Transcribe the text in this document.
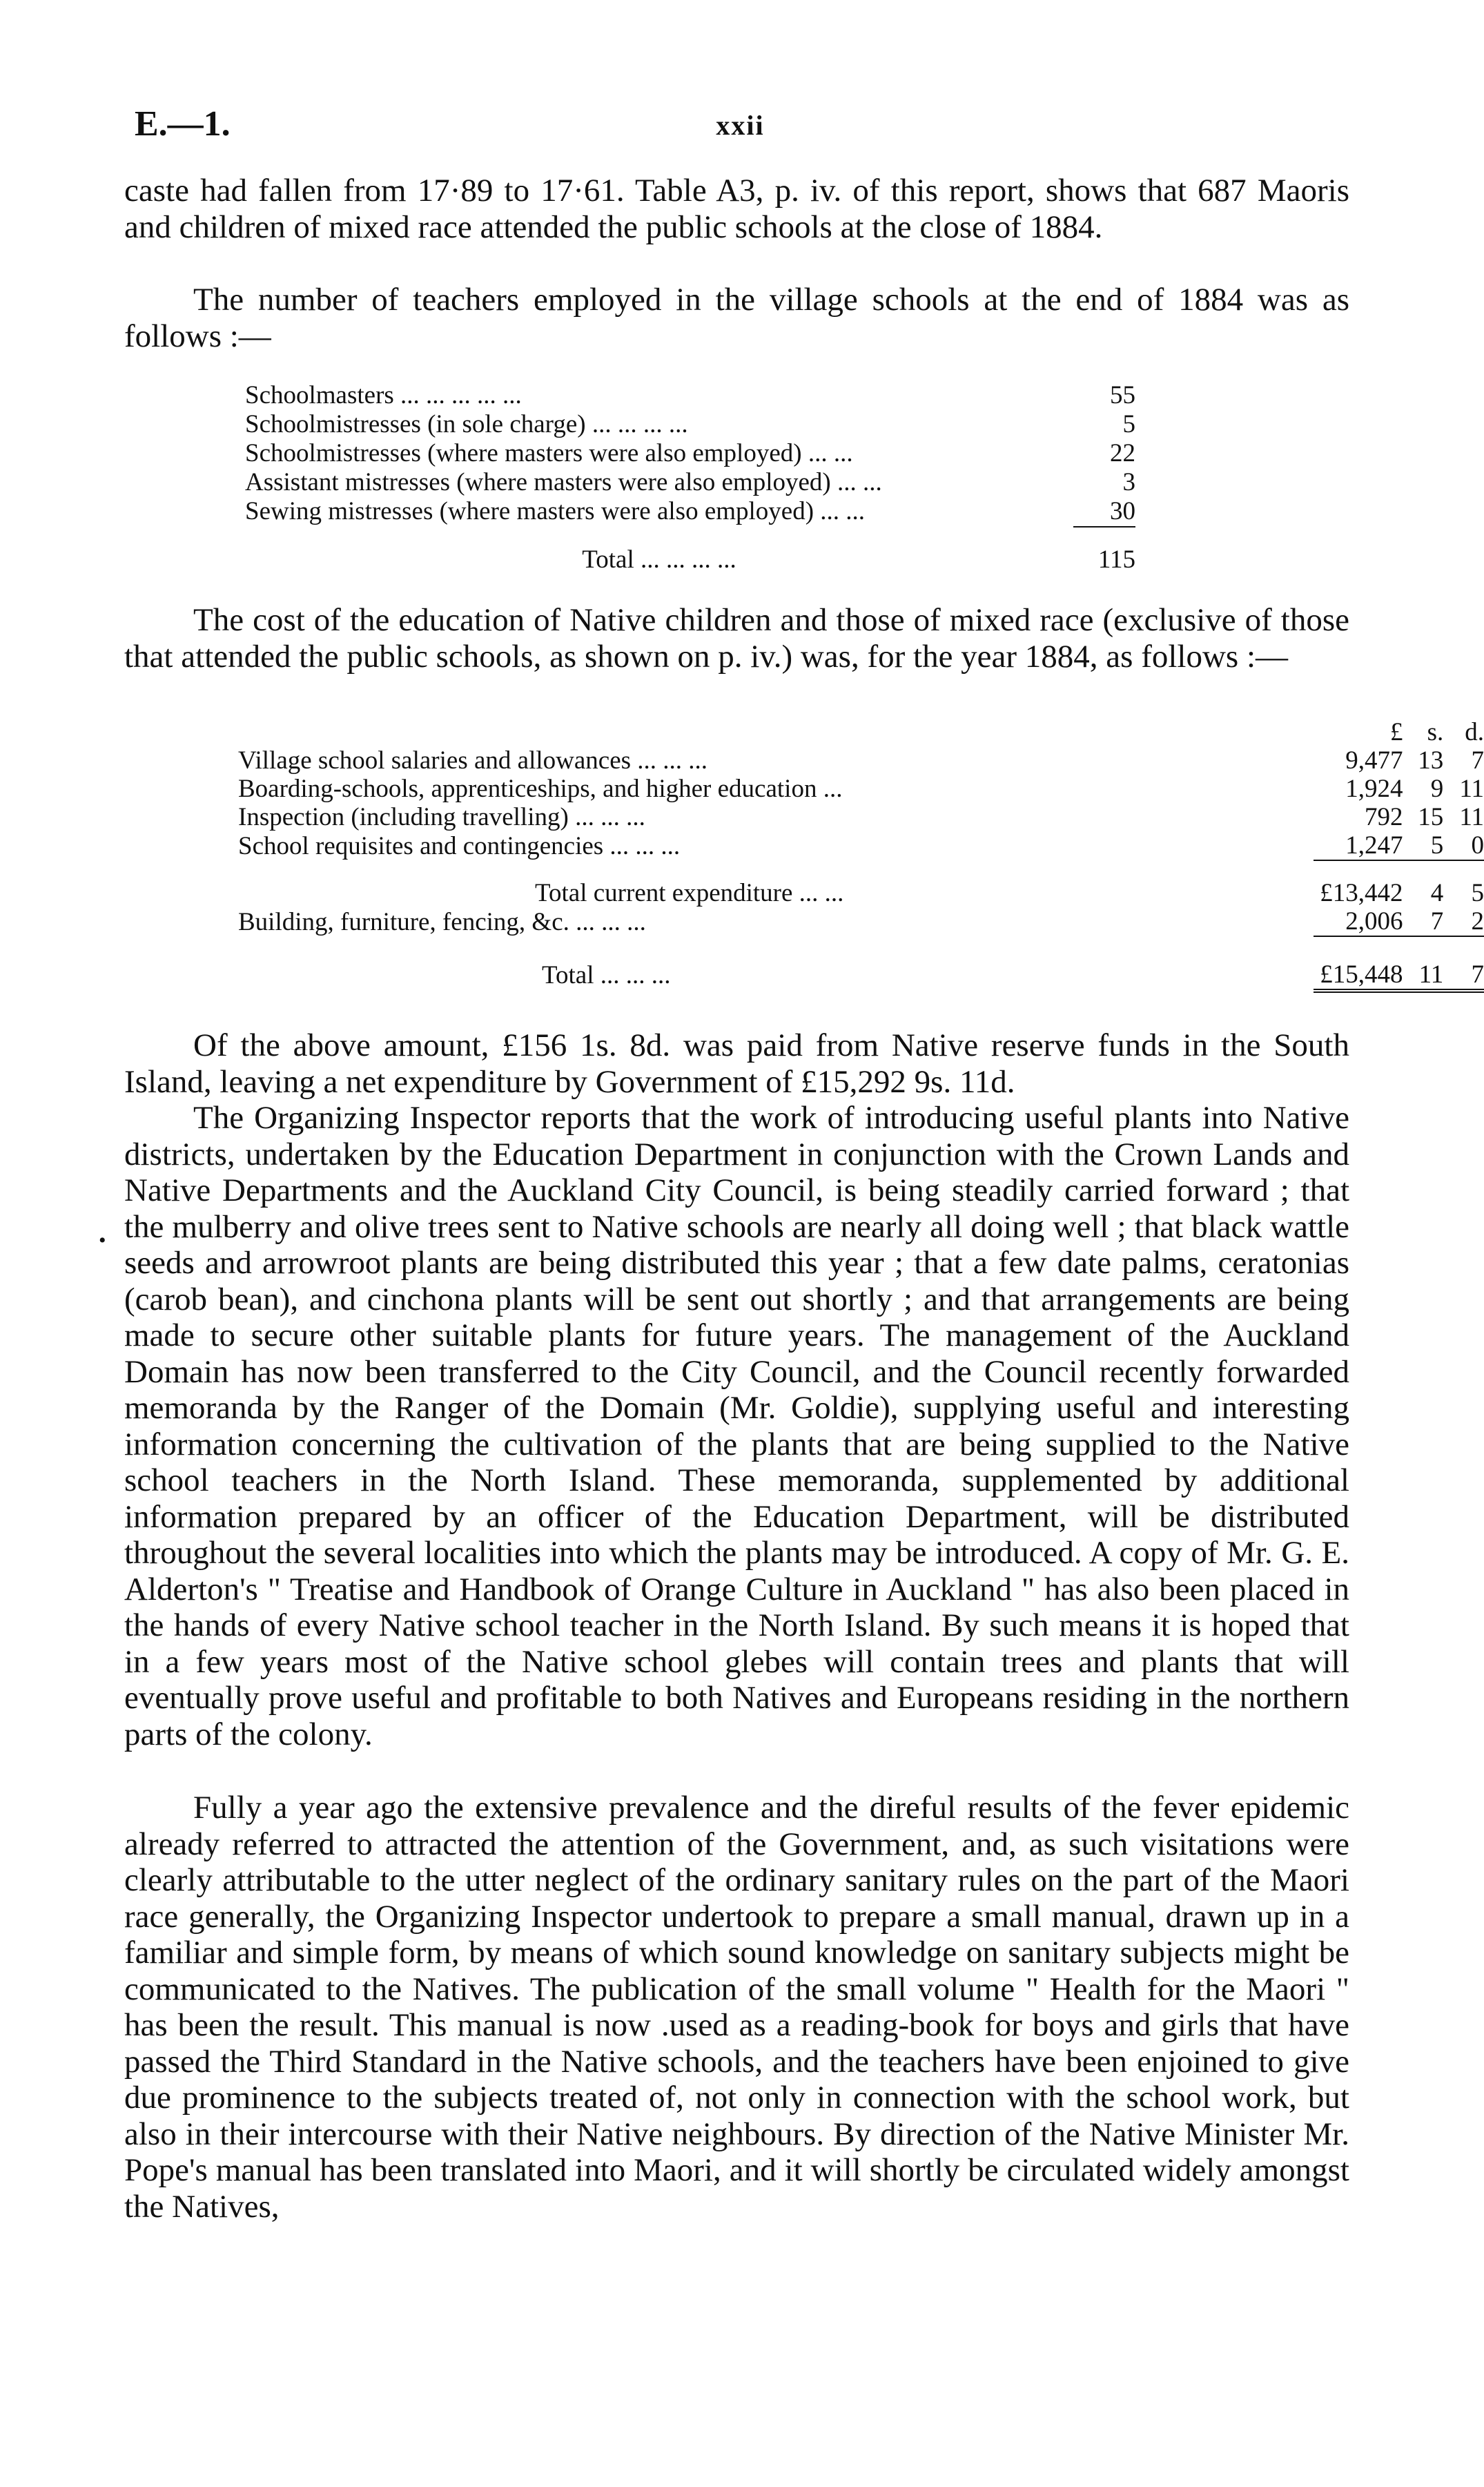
E.—1.	xxii

caste had fallen from 17·89 to 17·61. Table A3, p. iv. of this report, shows that 687 Maoris and children of mixed race attended the public schools at the close of 1884.

The number of teachers employed in the village schools at the end of 1884 was as follows :—

Schoolmasters ... ... ... ... ...	55
Schoolmistresses (in sole charge) ... ... ... ...	5
Schoolmistresses (where masters were also employed) ... ...	22
Assistant mistresses (where masters were also employed) ... ...	3
Sewing mistresses (where masters were also employed) ... ...	30
Total ... ... ... ...	115

The cost of the education of Native children and those of mixed race (exclusive of those that attended the public schools, as shown on p. iv.) was, for the year 1884, as follows :—

	£	s.	d.
Village school salaries and allowances ... ... ...	9,477	13	7
Boarding-schools, apprenticeships, and higher education ...	1,924	9	11
Inspection (including travelling) ... ... ...	792	15	11
School requisites and contingencies ... ... ...	1,247	5	0
Total current expenditure ... ...	£13,442	4	5
Building, furniture, fencing, &c. ... ... ...	2,006	7	2
Total ... ... ...	£15,448	11	7

Of the above amount, £156 1s. 8d. was paid from Native reserve funds in the South Island, leaving a net expenditure by Government of £15,292 9s. 11d.

The Organizing Inspector reports that the work of introducing useful plants into Native districts, undertaken by the Education Department in conjunction with the Crown Lands and Native Departments and the Auckland City Council, is being steadily carried forward ; that the mulberry and olive trees sent to Native schools are nearly all doing well ; that black wattle seeds and arrowroot plants are being distributed this year ; that a few date palms, ceratonias (carob bean), and cinchona plants will be sent out shortly ; and that arrangements are being made to secure other suitable plants for future years. The management of the Auckland Domain has now been transferred to the City Council, and the Council recently forwarded memoranda by the Ranger of the Domain (Mr. Goldie), supplying useful and interesting information concerning the cultivation of the plants that are being supplied to the Native school teachers in the North Island. These memoranda, supplemented by additional information prepared by an officer of the Education Department, will be distributed throughout the several localities into which the plants may be introduced. A copy of Mr. G. E. Alderton's " Treatise and Handbook of Orange Culture in Auckland " has also been placed in the hands of every Native school teacher in the North Island. By such means it is hoped that in a few years most of the Native school glebes will contain trees and plants that will eventually prove useful and profitable to both Natives and Europeans residing in the northern parts of the colony.

•

Fully a year ago the extensive prevalence and the direful results of the fever epidemic already referred to attracted the attention of the Government, and, as such visitations were clearly attributable to the utter neglect of the ordinary sanitary rules on the part of the Maori race generally, the Organizing Inspector undertook to prepare a small manual, drawn up in a familiar and simple form, by means of which sound knowledge on sanitary subjects might be communicated to the Natives. The publication of the small volume " Health for the Maori " has been the result. This manual is now .used as a reading-book for boys and girls that have passed the Third Standard in the Native schools, and the teachers have been enjoined to give due prominence to the subjects treated of, not only in connection with the school work, but also in their intercourse with their Native neighbours. By direction of the Native Minister Mr. Pope's manual has been translated into Maori, and it will shortly be circulated widely amongst the Natives,
